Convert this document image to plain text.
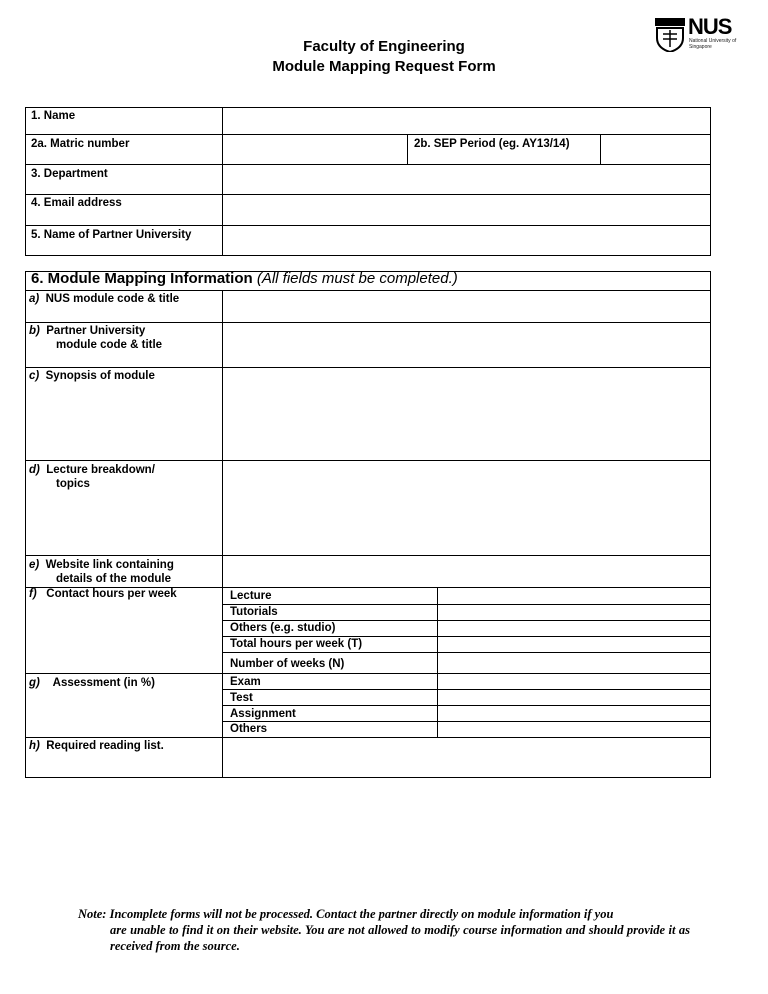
NUS
National University of Singapore
Faculty of Engineering
Module Mapping Request Form
1. Name
2a. Matric number	2b. SEP Period (eg. AY13/14)
3. Department
4. Email address
5. Name of Partner University
6. Module Mapping Information (All fields must be completed.)
a) NUS module code & title
b) Partner University
module code & title
c) Synopsis of module
d) Lecture breakdown/
topics
e) Website link containing
details of the module
f) Contact hours per week	Lecture
Tutorials
Others (e.g. studio)
Total hours per week (T)
Number of weeks (N)
g) Assessment (in %)	Exam
Test
Assignment
Others
h) Required reading list.
Note: Incomplete forms will not be processed. Contact the partner directly on module information if you
are unable to find it on their website. You are not allowed to modify course information and should provide it as received from the source.
